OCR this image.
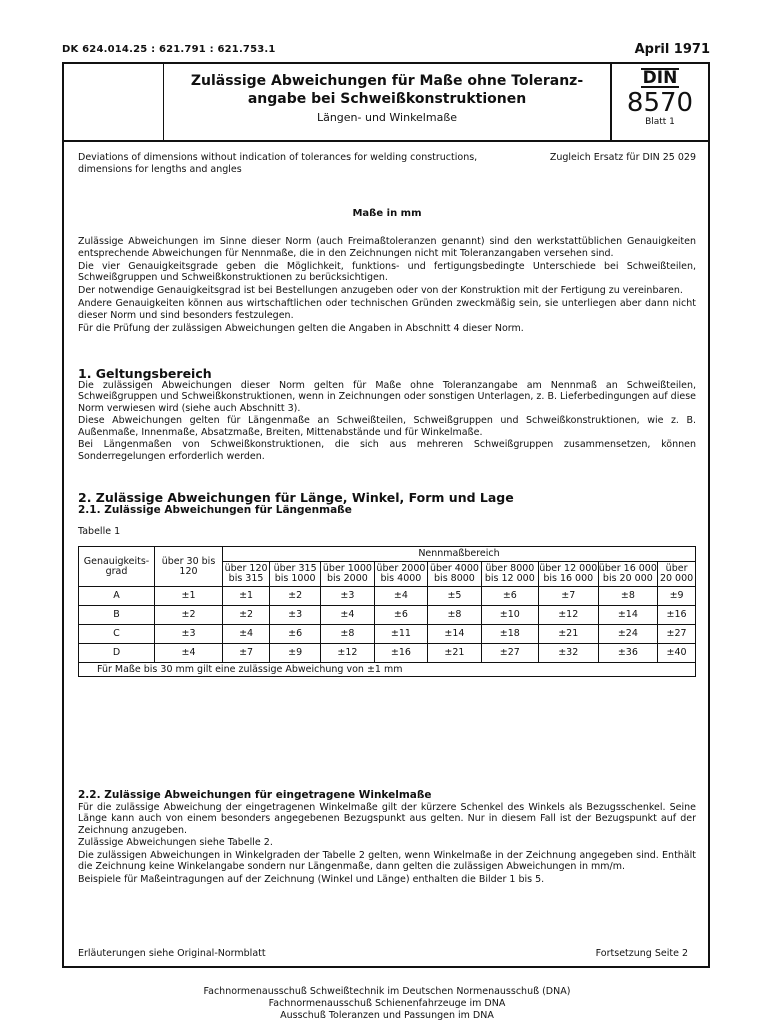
DK 624.014.25 : 621.791 : 621.753.1	April 1971
Zulässige Abweichungen für Maße ohne Toleranz-
angabe bei Schweißkonstruktionen
Längen- und Winkelmaße
DIN
8570
Blatt 1
Deviations of dimensions without indication of tolerances for welding constructions, dimensions for lengths and angles
Zugleich Ersatz für DIN 25 029
Maße in mm

Zulässige Abweichungen im Sinne dieser Norm (auch Freimaßtoleranzen genannt) sind den werkstattüblichen Genauigkeiten entsprechende Abweichungen für Nennmaße, die in den Zeichnungen nicht mit Toleranzangaben versehen sind.

Die vier Genauigkeitsgrade geben die Möglichkeit, funktions- und fertigungsbedingte Unterschiede bei Schweißteilen, Schweißgruppen und Schweißkonstruktionen zu berücksichtigen.

Der notwendige Genauigkeitsgrad ist bei Bestellungen anzugeben oder von der Konstruktion mit der Fertigung zu vereinbaren.

Andere Genauigkeiten können aus wirtschaftlichen oder technischen Gründen zweckmäßig sein, sie unterliegen aber dann nicht dieser Norm und sind besonders festzulegen.

Für die Prüfung der zulässigen Abweichungen gelten die Angaben in Abschnitt 4 dieser Norm.

1. Geltungsbereich

Die zulässigen Abweichungen dieser Norm gelten für Maße ohne Toleranzangabe am Nennmaß an Schweißteilen, Schweißgruppen und Schweißkonstruktionen, wenn in Zeichnungen oder sonstigen Unterlagen, z. B. Lieferbedingungen auf diese Norm verwiesen wird (siehe auch Abschnitt 3).

Diese Abweichungen gelten für Längenmaße an Schweißteilen, Schweißgruppen und Schweißkonstruktionen, wie z. B. Außenmaße, Innenmaße, Absatzmaße, Breiten, Mittenabstände und für Winkelmaße.

Bei Längenmaßen von Schweißkonstruktionen, die sich aus mehreren Schweißgruppen zusammensetzen, können Sonderregelungen erforderlich werden.

2. Zulässige Abweichungen für Länge, Winkel, Form und Lage
2.1. Zulässige Abweichungen für Längenmaße
Tabelle 1
Genauigkeits-grad	über 30 bis 120	Nennmaßbereich								
		über 120 bis 315	über 315 bis 1000	über 1000 bis 2000	über 2000 bis 4000	über 4000 bis 8000	über 8000 bis 12 000	über 12 000 bis 16 000	über 16 000 bis 20 000	über 20 000
A	±1	±1	±2	±3	±4	±5	±6	±7	±8	±9
B	±2	±2	±3	±4	±6	±8	±10	±12	±14	±16
C	±3	±4	±6	±8	±11	±14	±18	±21	±24	±27
D	±4	±7	±9	±12	±16	±21	±27	±32	±36	±40
Für Maße bis 30 mm gilt eine zulässige Abweichung von ±1 mm										
2.2. Zulässige Abweichungen für eingetragene Winkelmaße

Für die zulässige Abweichung der eingetragenen Winkelmaße gilt der kürzere Schenkel des Winkels als Bezugsschenkel. Seine Länge kann auch von einem besonders angegebenen Bezugspunkt aus gelten. Nur in diesem Fall ist der Bezugspunkt auf der Zeichnung anzugeben.

Zulässige Abweichungen siehe Tabelle 2.

Die zulässigen Abweichungen in Winkelgraden der Tabelle 2 gelten, wenn Winkelmaße in der Zeichnung angegeben sind. Enthält die Zeichnung keine Winkelangabe sondern nur Längenmaße, dann gelten die zulässigen Abweichungen in mm/m.

Beispiele für Maßeintragungen auf der Zeichnung (Winkel und Länge) enthalten die Bilder 1 bis 5.

Erläuterungen siehe Original-Normblatt	Fortsetzung Seite 2
Fachnormenausschuß Schweißtechnik im Deutschen Normenausschuß (DNA)
Fachnormenausschuß Schienenfahrzeuge im DNA
Ausschuß Toleranzen und Passungen im DNA
